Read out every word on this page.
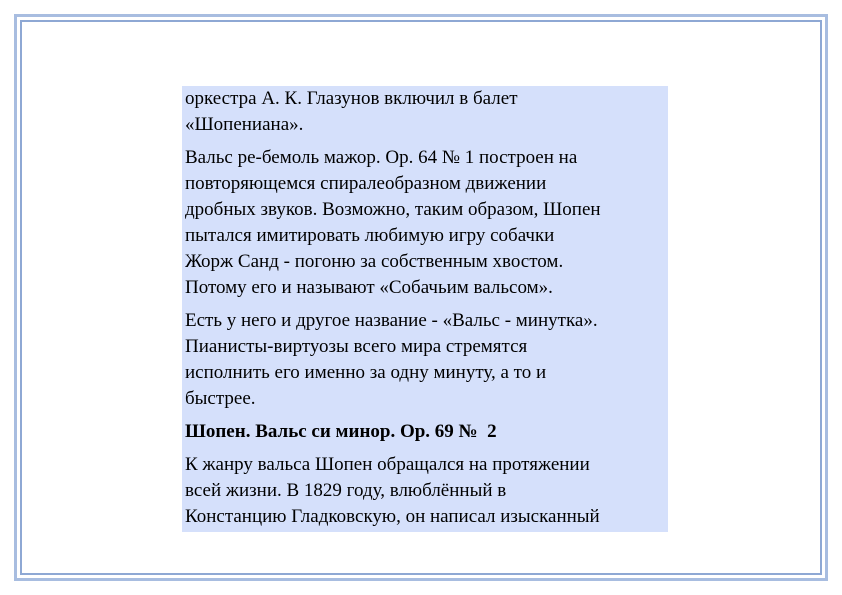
оркестра А. К. Глазунов включил в балет
«Шопениана».

Вальс ре-бемоль мажор. Ор. 64 № 1 построен на
повторяющемся спиралеобразном движении
дробных звуков. Возможно, таким образом, Шопен
пытался имитировать любимую игру собачки
Жорж Санд - погоню за собственным хвостом.
Потому его и называют «Собачьим вальсом».

Есть у него и другое название - «Вальс - минутка».
Пианисты-виртуозы всего мира стремятся
исполнить его именно за одну минуту, а то и
быстрее.

Шопен. Вальс си минор. Ор. 69 №  2

К жанру вальса Шопен обращался на протяжении
всей жизни. В 1829 году, влюблённый в
Констанцию Гладковскую, он написал изысканный
